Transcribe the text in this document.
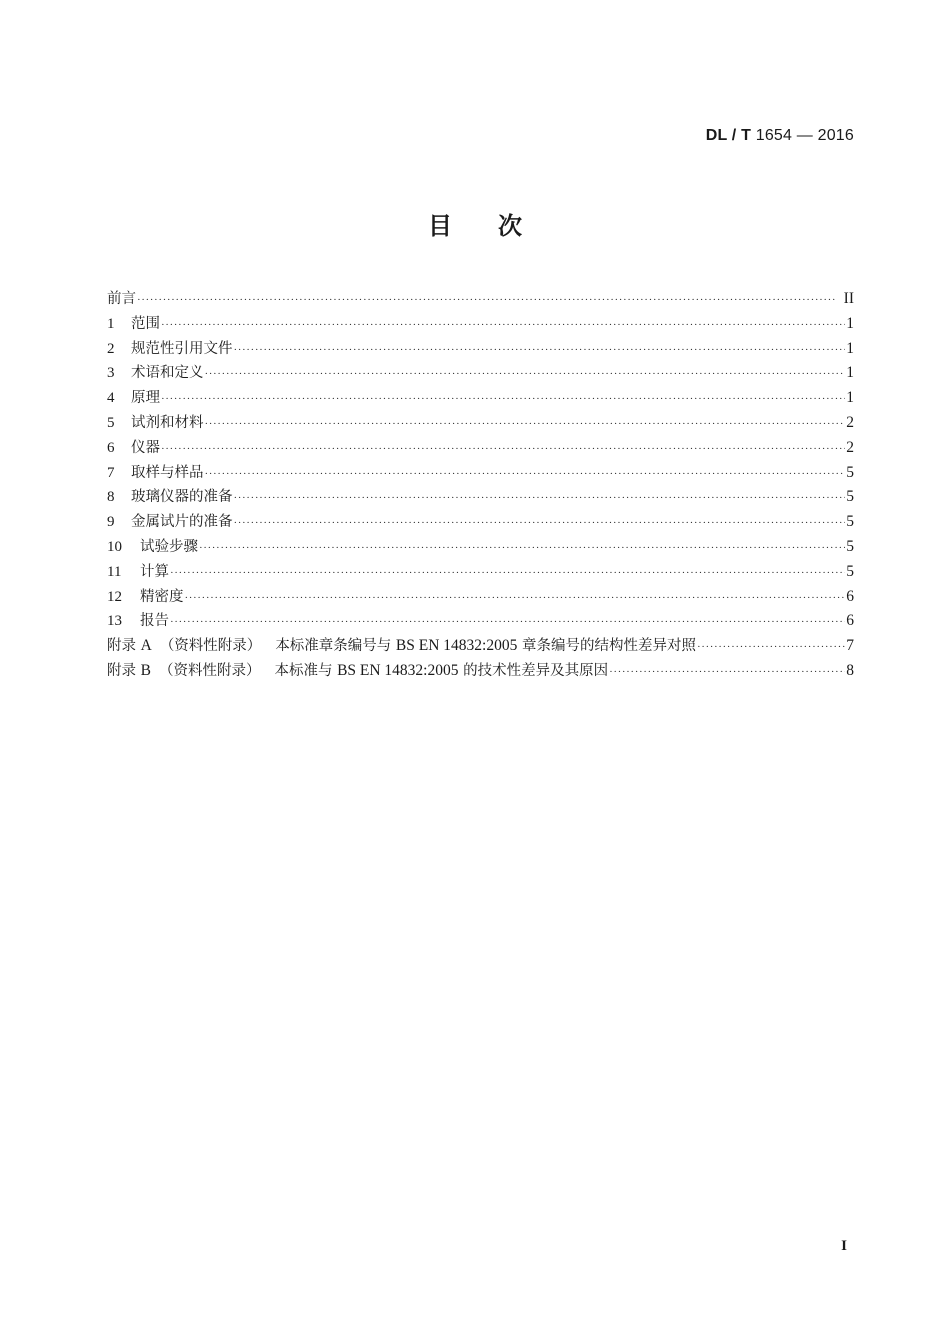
DL / T 1654 — 2016
目次
前言 ·····	II
1	范围 ·····	1
2	规范性引用文件 ·····	1
3	术语和定义 ·····	1
4	原理 ·····	1
5	试剂和材料 ·····	2
6	仪器 ·····	2
7	取样与样品 ·····	5
8	玻璃仪器的准备 ·····	5
9	金属试片的准备 ·····	5
10	试验步骤 ·····	5
11	计算 ·····	5
12	精密度 ·····	6
13	报告 ·····	6
附录 A （资料性附录） 本标准章条编号与 BS EN 14832:2005 章条编号的结构性差异对照 ·····	7
附录 B （资料性附录） 本标准与 BS EN 14832:2005 的技术性差异及其原因 ·····	8
I
